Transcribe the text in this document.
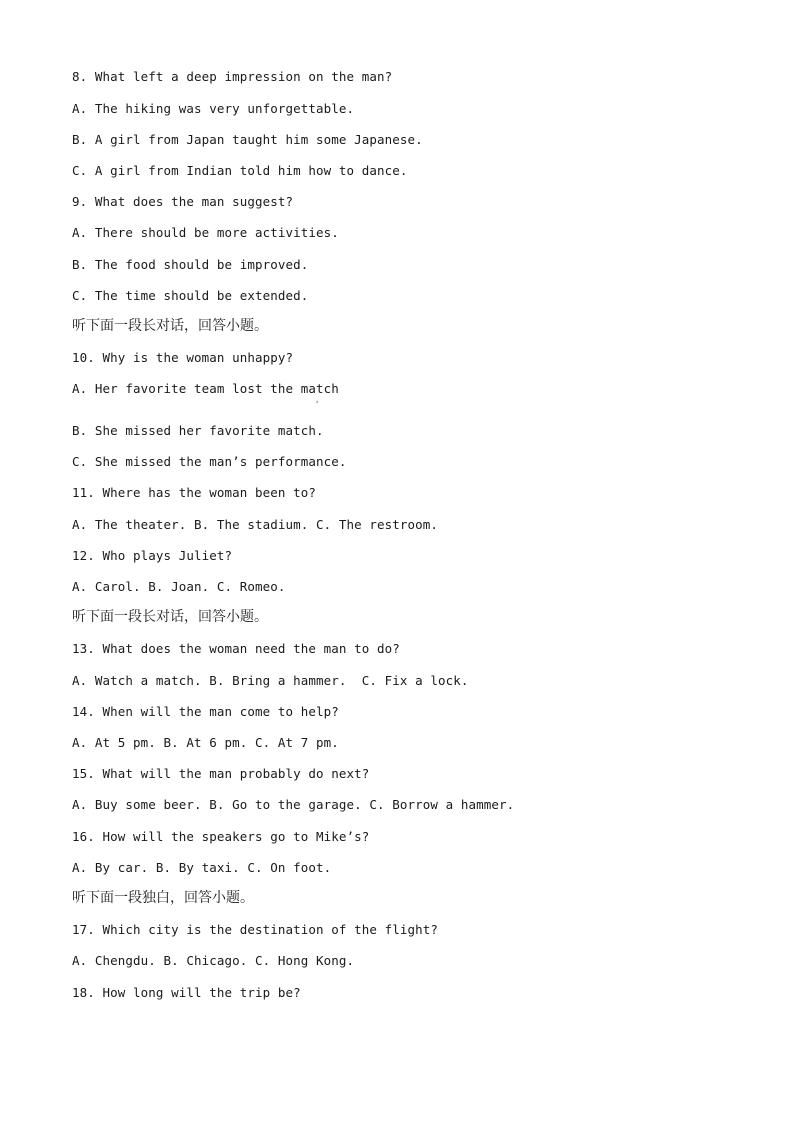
8. What left a deep impression on the man?
A. The hiking was very unforgettable.
B. A girl from Japan taught him some Japanese.
C. A girl from Indian told him how to dance.
9. What does the man suggest?
A. There should be more activities.
B. The food should be improved.
C. The time should be extended.
听下面一段长对话，回答小题。
10. Why is the woman unhappy?
A. Her favorite team lost the match
'
B. She missed her favorite match.
C. She missed the man’s performance.
11. Where has the woman been to?
A. The theater. B. The stadium. C. The restroom.
12. Who plays Juliet?
A. Carol. B. Joan. C. Romeo.
听下面一段长对话，回答小题。
13. What does the woman need the man to do?
A. Watch a match. B. Bring a hammer.  C. Fix a lock.
14. When will the man come to help?
A. At 5 pm. B. At 6 pm. C. At 7 pm.
15. What will the man probably do next?
A. Buy some beer. B. Go to the garage. C. Borrow a hammer.
16. How will the speakers go to Mike’s?
A. By car. B. By taxi. C. On foot.
听下面一段独白，回答小题。
17. Which city is the destination of the flight?
A. Chengdu. B. Chicago. C. Hong Kong.
18. How long will the trip be?
